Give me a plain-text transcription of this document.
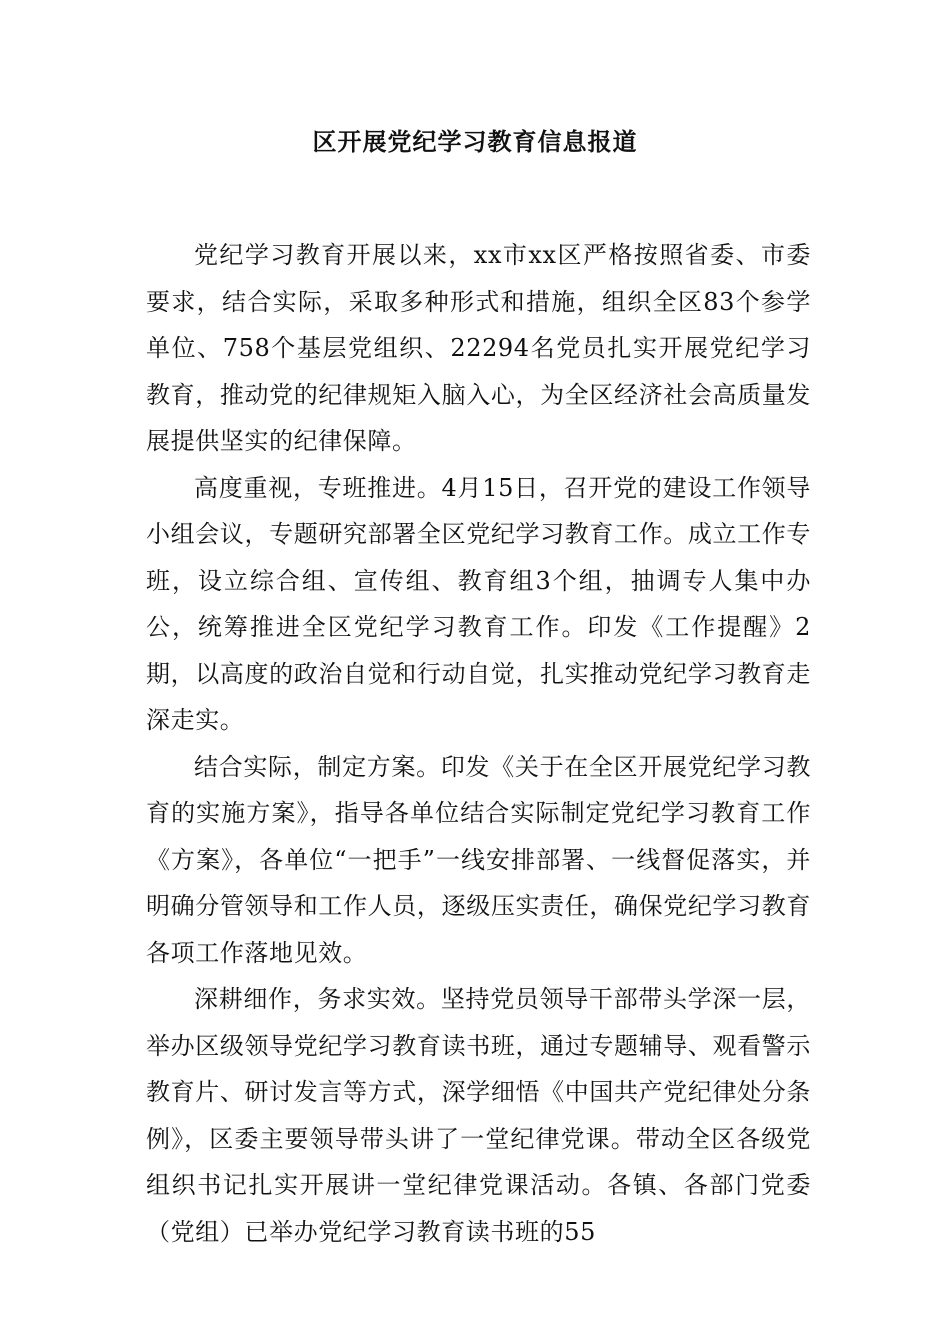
区开展党纪学习教育信息报道

党纪学习教育开展以来，xx市xx区严格按照省委、市委要求，结合实际，采取多种形式和措施，组织全区83个参学单位、758个基层党组织、22294名党员扎实开展党纪学习教育，推动党的纪律规矩入脑入心，为全区经济社会高质量发展提供坚实的纪律保障。

高度重视，专班推进。4月15日，召开党的建设工作领导小组会议，专题研究部署全区党纪学习教育工作。成立工作专班，设立综合组、宣传组、教育组3个组，抽调专人集中办公，统筹推进全区党纪学习教育工作。印发《工作提醒》2期，以高度的政治自觉和行动自觉，扎实推动党纪学习教育走深走实。

结合实际，制定方案。印发《关于在全区开展党纪学习教育的实施方案》，指导各单位结合实际制定党纪学习教育工作《方案》，各单位“一把手”一线安排部署、一线督促落实，并明确分管领导和工作人员，逐级压实责任，确保党纪学习教育各项工作落地见效。

深耕细作，务求实效。坚持党员领导干部带头学深一层，举办区级领导党纪学习教育读书班，通过专题辅导、观看警示教育片、研讨发言等方式，深学细悟《中国共产党纪律处分条例》，区委主要领导带头讲了一堂纪律党课。带动全区各级党组织书记扎实开展讲一堂纪律党课活动。各镇、各部门党委（党组）已举办党纪学习教育读书班的55
